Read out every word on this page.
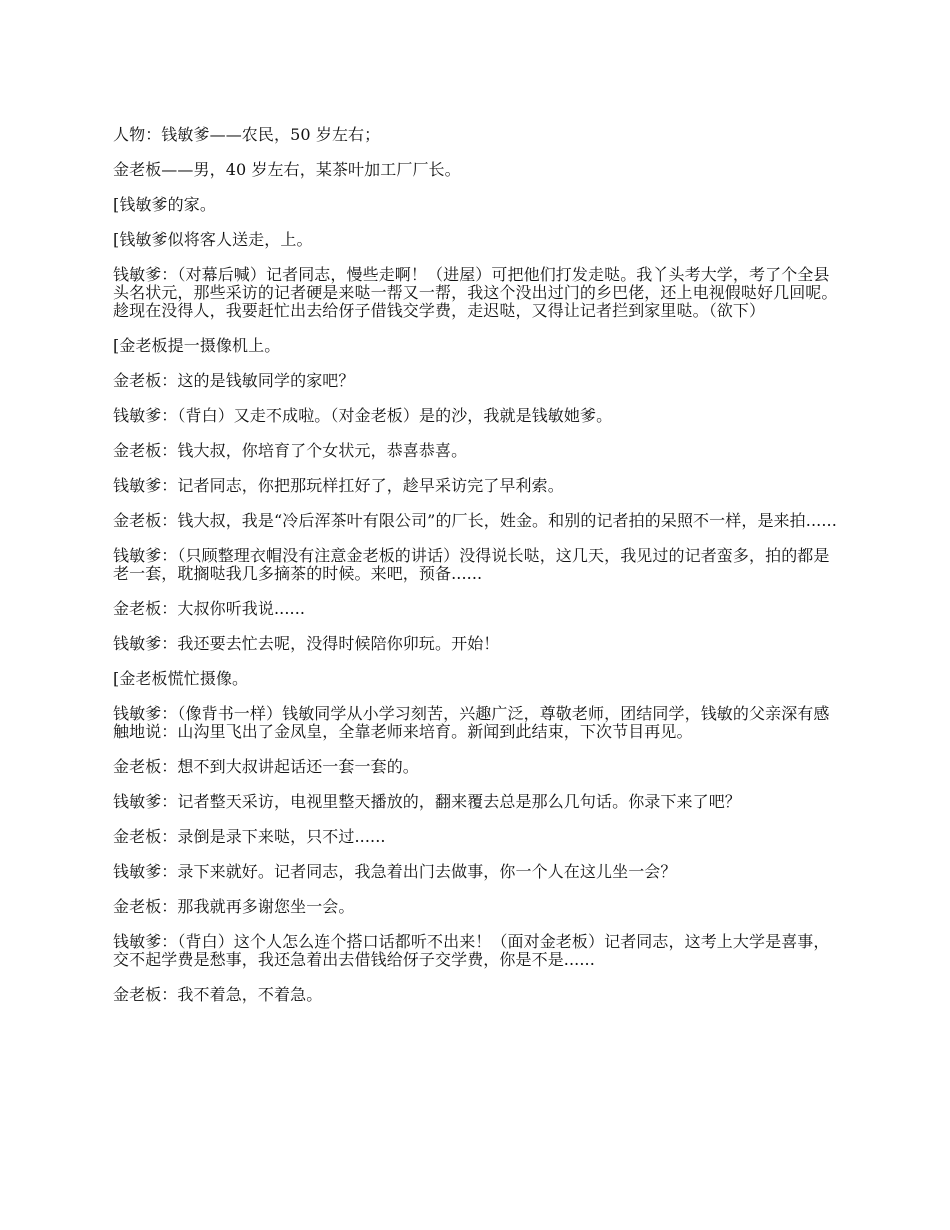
人物：钱敏爹——农民，50 岁左右；

金老板——男，40 岁左右，某茶叶加工厂厂长。

[钱敏爹的家。

[钱敏爹似将客人送走，上。

钱敏爹：（对幕后喊）记者同志，慢些走啊！（进屋）可把他们打发走哒。我丫头考大学，考了个全县头名状元，那些采访的记者硬是来哒一帮又一帮，我这个没出过门的乡巴佬，还上电视假哒好几回呢。趁现在没得人，我要赶忙出去给伢子借钱交学费，走迟哒，又得让记者拦到家里哒。（欲下）

[金老板提一摄像机上。

金老板：这的是钱敏同学的家吧？

钱敏爹：（背白）又走不成啦。（对金老板）是的沙，我就是钱敏她爹。

金老板：钱大叔，你培育了个女状元，恭喜恭喜。

钱敏爹：记者同志，你把那玩样扛好了，趁早采访完了早利索。

金老板：钱大叔，我是“冷后浑茶叶有限公司”的厂长，姓金。和别的记者拍的呆照不一样，是来拍......

钱敏爹：（只顾整理衣帽没有注意金老板的讲话）没得说长哒，这几天，我见过的记者蛮多，拍的都是老一套，耽搁哒我几多摘茶的时候。来吧，预备......

金老板：大叔你听我说......

钱敏爹：我还要去忙去呢，没得时候陪你卯玩。开始！

[金老板慌忙摄像。

钱敏爹：（像背书一样）钱敏同学从小学习刻苦，兴趣广泛，尊敬老师，团结同学，钱敏的父亲深有感触地说：山沟里飞出了金凤皇，全靠老师来培育。新闻到此结束，下次节目再见。

金老板：想不到大叔讲起话还一套一套的。

钱敏爹：记者整天采访，电视里整天播放的，翻来覆去总是那么几句话。你录下来了吧？

金老板：录倒是录下来哒，只不过......

钱敏爹：录下来就好。记者同志，我急着出门去做事，你一个人在这儿坐一会？

金老板：那我就再多谢您坐一会。

钱敏爹：（背白）这个人怎么连个搭口话都听不出来！（面对金老板）记者同志，这考上大学是喜事，交不起学费是愁事，我还急着出去借钱给伢子交学费，你是不是......

金老板：我不着急，不着急。
